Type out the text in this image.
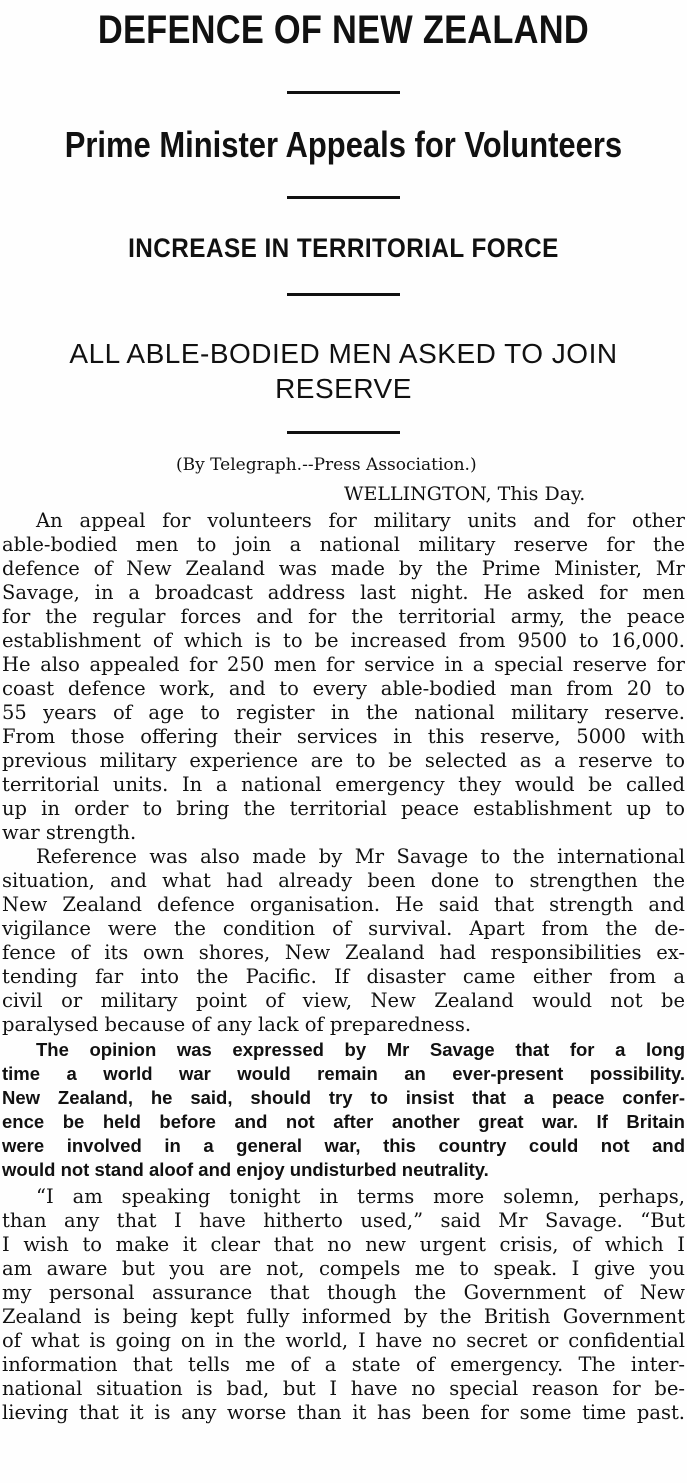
DEFENCE OF NEW ZEALAND
Prime Minister Appeals for Volunteers
INCREASE IN TERRITORIAL FORCE
ALL ABLE-BODIED MEN ASKED TO JOIN
RESERVE
(By Telegraph.--Press Association.)
WELLINGTON, This Day.

An appeal for volunteers for military units and for other

able-bodied men to join a national military reserve for the

defence of New Zealand was made by the Prime Minister, Mr

Savage, in a broadcast address last night. He asked for men

for the regular forces and for the territorial army, the peace

establishment of which is to be increased from 9500 to 16,000.

He also appealed for 250 men for service in a special reserve for

coast defence work, and to every able-bodied man from 20 to

55 years of age to register in the national military reserve.

From those offering their services in this reserve, 5000 with

previous military experience are to be selected as a reserve to

territorial units. In a national emergency they would be called

up in order to bring the territorial peace establishment up to

war strength.

Reference was also made by Mr Savage to the international

situation, and what had already been done to strengthen the

New Zealand defence organisation. He said that strength and

vigilance were the condition of survival. Apart from the de-

fence of its own shores, New Zealand had responsibilities ex-

tending far into the Pacific. If disaster came either from a

civil or military point of view, New Zealand would not be

paralysed because of any lack of preparedness.

The opinion was expressed by Mr Savage that for a long

time a world war would remain an ever-present possibility.

New Zealand, he said, should try to insist that a peace confer-

ence be held before and not after another great war. If Britain

were involved in a general war, this country could not and

would not stand aloof and enjoy undisturbed neutrality.

“I am speaking tonight in terms more solemn, perhaps,

than any that I have hitherto used,” said Mr Savage. “But

I wish to make it clear that no new urgent crisis, of which I

am aware but you are not, compels me to speak. I give you

my personal assurance that though the Government of New

Zealand is being kept fully informed by the British Government

of what is going on in the world, I have no secret or confidential

information that tells me of a state of emergency. The inter-

national situation is bad, but I have no special reason for be-

lieving that it is any worse than it has been for some time past.
